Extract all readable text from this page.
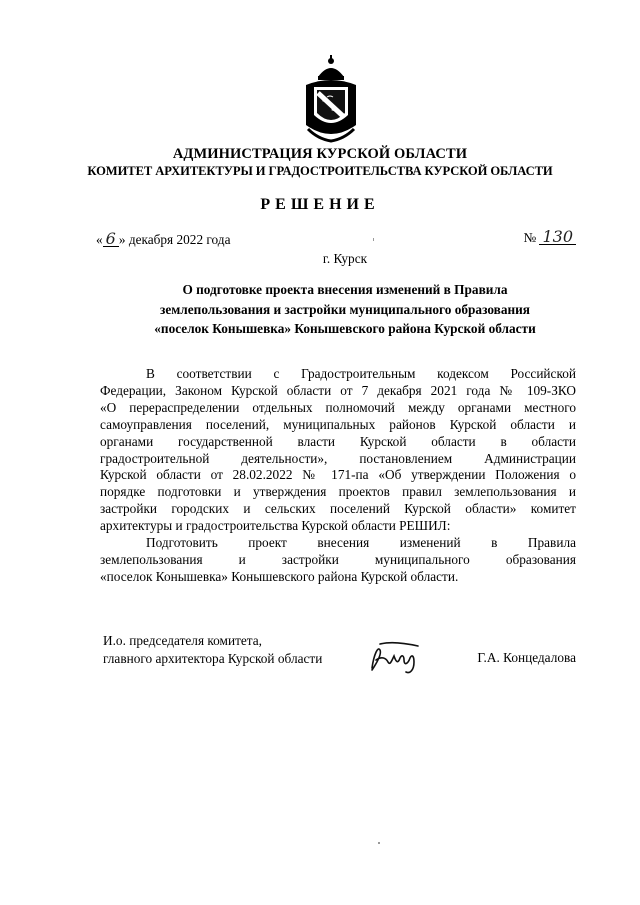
АДМИНИСТРАЦИЯ КУРСКОЙ ОБЛАСТИ
КОМИТЕТ АРХИТЕКТУРЫ И ГРАДОСТРОИТЕЛЬСТВА КУРСКОЙ ОБЛАСТИ
РЕШЕНИЕ
« 6 » декабря 2022 года	№ 130
г. Курск
О подготовке проекта внесения изменений в Правила
землепользования и застройки муниципального образования
«поселок Конышевка» Конышевского района Курской области
В соответствии с Градостроительным кодексом Российской
Федерации, Законом Курской области от 7 декабря 2021 года № 109-ЗКО
«О перераспределении отдельных полномочий между органами местного
самоуправления поселений, муниципальных районов Курской области и
органами государственной власти Курской области в области
градостроительной деятельности», постановлением Администрации
Курской области от 28.02.2022 № 171-па «Об утверждении Положения о
порядке подготовки и утверждения проектов правил землепользования и
застройки городских и сельских поселений Курской области» комитет
архитектуры и градостроительства Курской области РЕШИЛ:
Подготовить проект внесения изменений в Правила
землепользования и застройки муниципального образования
«поселок Конышевка» Конышевского района Курской области.
И.о. председателя комитета,
главного архитектора Курской области	Г.А. Концедалова
